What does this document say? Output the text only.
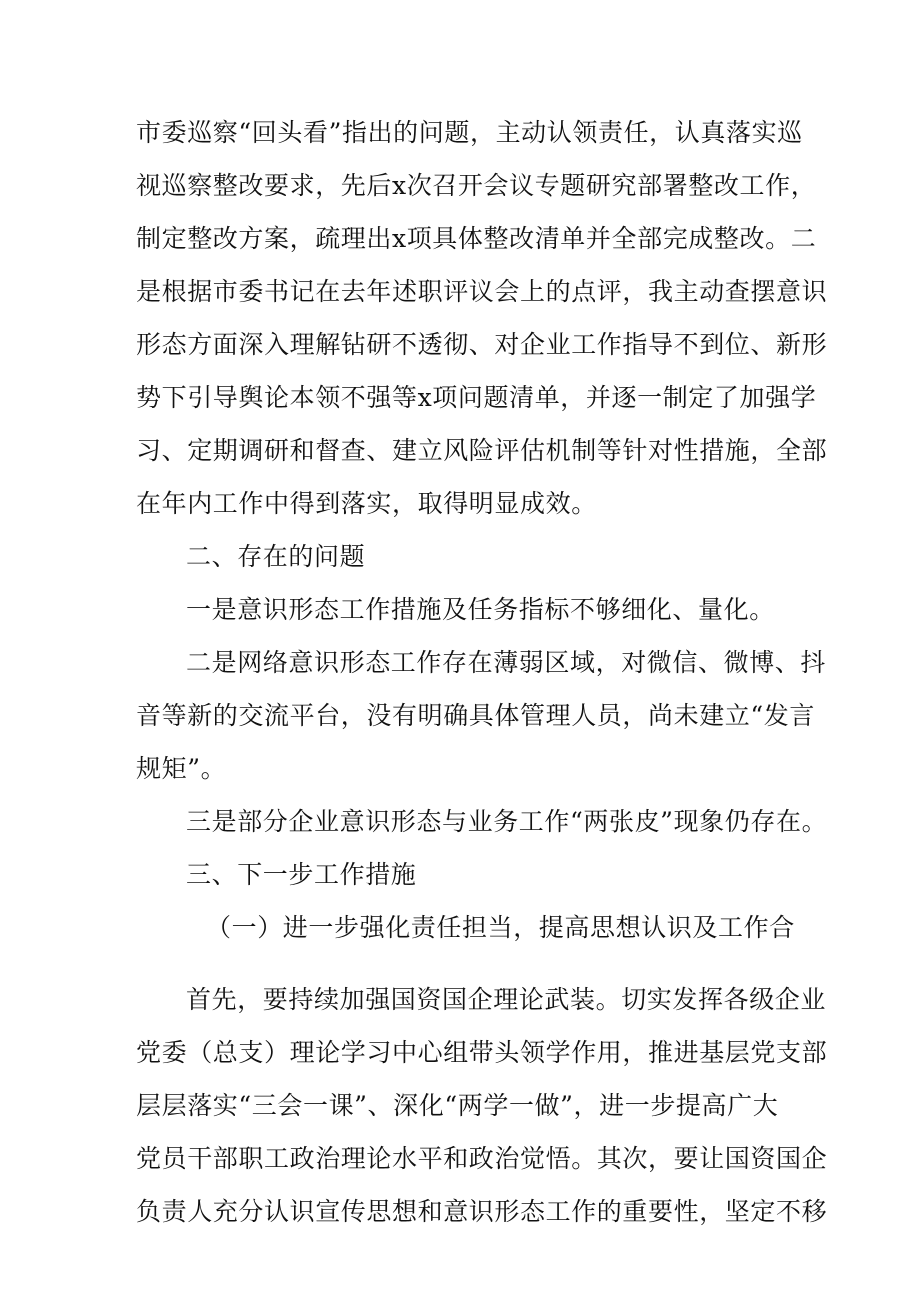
市委巡察“回头看”指出的问题，主动认领责任，认真落实巡
视巡察整改要求，先后x次召开会议专题研究部署整改工作，
制定整改方案，疏理出x项具体整改清单并全部完成整改。二
是根据市委书记在去年述职评议会上的点评，我主动查摆意识
形态方面深入理解钻研不透彻、对企业工作指导不到位、新形
势下引导舆论本领不强等x项问题清单，并逐一制定了加强学
习、定期调研和督查、建立风险评估机制等针对性措施，全部
在年内工作中得到落实，取得明显成效。
二、存在的问题
一是意识形态工作措施及任务指标不够细化、量化。
二是网络意识形态工作存在薄弱区域，对微信、微博、抖
音等新的交流平台，没有明确具体管理人员，尚未建立“发言
规矩”。
三是部分企业意识形态与业务工作“两张皮”现象仍存在。
三、下一步工作措施
（一）进一步强化责任担当，提高思想认识及工作合
首先，要持续加强国资国企理论武装。切实发挥各级企业
党委（总支）理论学习中心组带头领学作用，推进基层党支部
层层落实“三会一课”、深化“两学一做”，进一步提高广大
党员干部职工政治理论水平和政治觉悟。其次，要让国资国企
负责人充分认识宣传思想和意识形态工作的重要性，坚定不移
